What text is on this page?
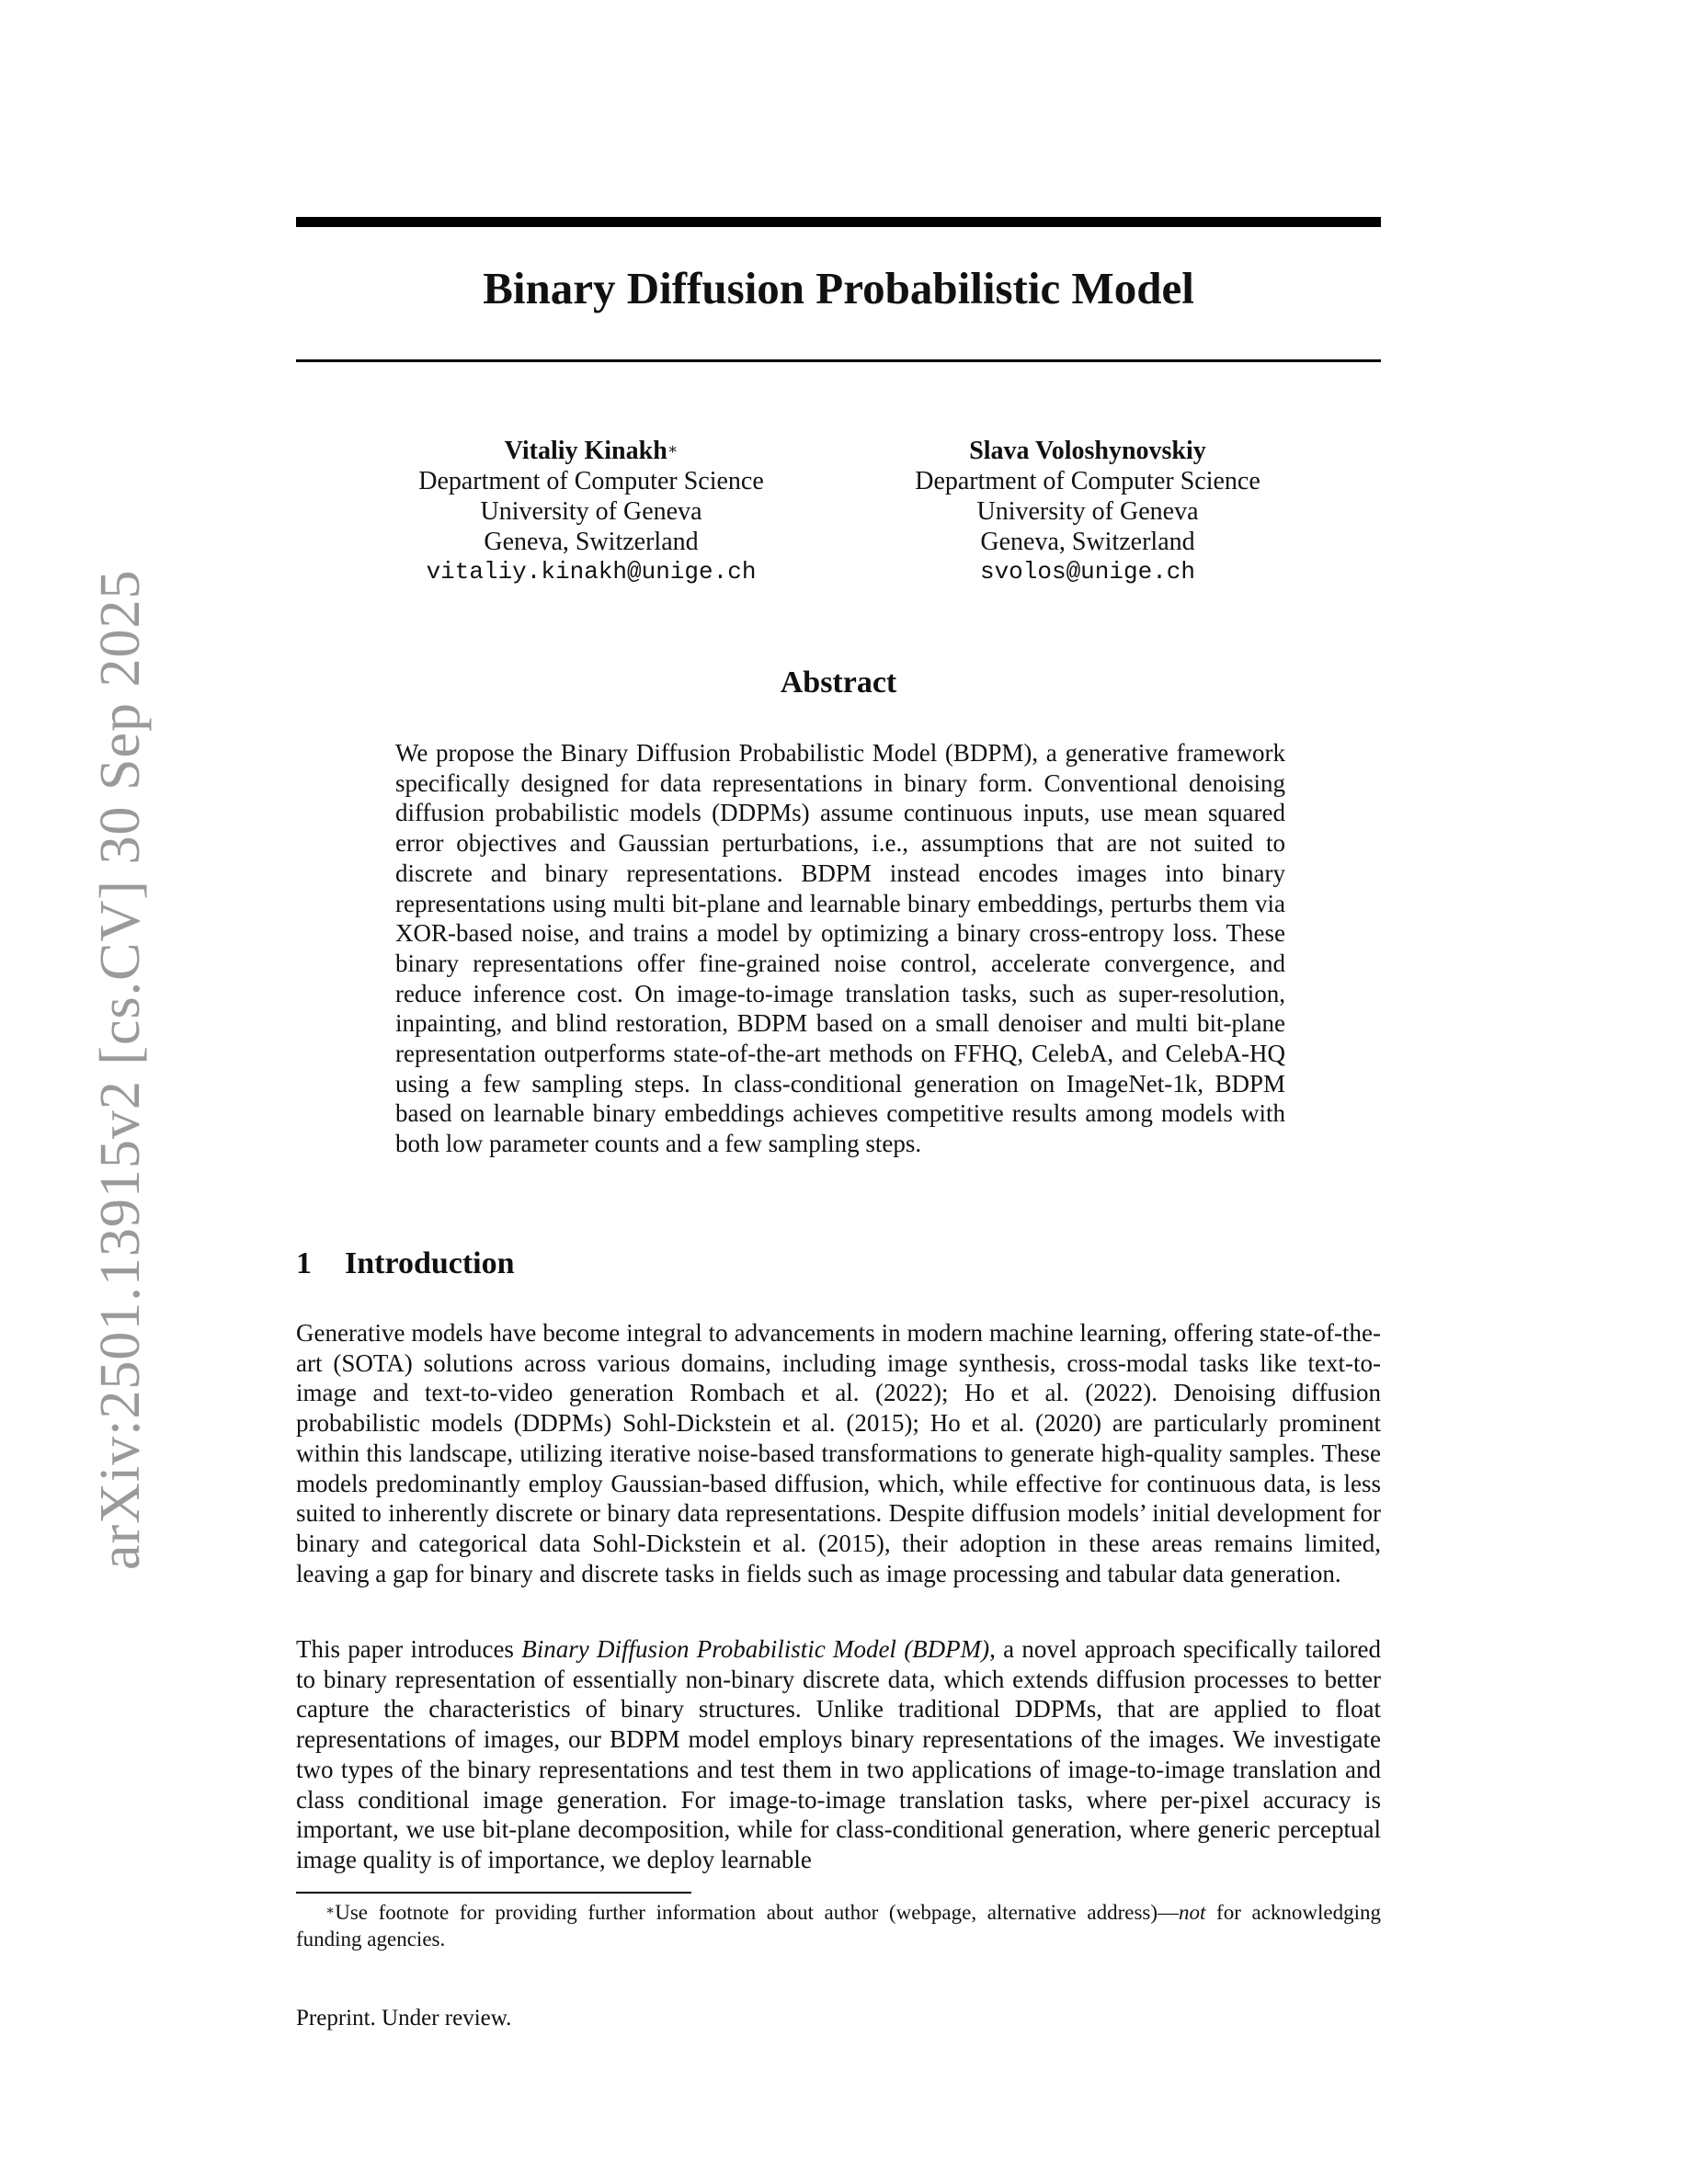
arXiv:2501.13915v2 [cs.CV] 30 Sep 2025
Binary Diffusion Probabilistic Model
Vitaliy Kinakh∗
Department of Computer Science
University of Geneva
Geneva, Switzerland
vitaliy.kinakh@unige.ch
Slava Voloshynovskiy
Department of Computer Science
University of Geneva
Geneva, Switzerland
svolos@unige.ch
Abstract

We propose the Binary Diffusion Probabilistic Model (BDPM), a generative framework specifically designed for data representations in binary form. Conventional denoising diffusion probabilistic models (DDPMs) assume continuous inputs, use mean squared error objectives and Gaussian perturbations, i.e., assumptions that are not suited to discrete and binary representations. BDPM instead encodes images into binary representations using multi bit-plane and learnable binary embeddings, perturbs them via XOR-based noise, and trains a model by optimizing a binary cross-entropy loss. These binary representations offer fine-grained noise control, accelerate convergence, and reduce inference cost. On image-to-image translation tasks, such as super-resolution, inpainting, and blind restoration, BDPM based on a small denoiser and multi bit-plane representation outperforms state-of-the-art methods on FFHQ, CelebA, and CelebA-HQ using a few sampling steps. In class-conditional generation on ImageNet-1k, BDPM based on learnable binary embeddings achieves competitive results among models with both low parameter counts and a few sampling steps.

1 Introduction

Generative models have become integral to advancements in modern machine learning, offering state-of-the-art (SOTA) solutions across various domains, including image synthesis, cross-modal tasks like text-to-image and text-to-video generation Rombach et al. (2022); Ho et al. (2022). Denoising diffusion probabilistic models (DDPMs) Sohl-Dickstein et al. (2015); Ho et al. (2020) are particularly prominent within this landscape, utilizing iterative noise-based transformations to generate high-quality samples. These models predominantly employ Gaussian-based diffusion, which, while effective for continuous data, is less suited to inherently discrete or binary data representations. Despite diffusion models’ initial development for binary and categorical data Sohl-Dickstein et al. (2015), their adoption in these areas remains limited, leaving a gap for binary and discrete tasks in fields such as image processing and tabular data generation.

This paper introduces Binary Diffusion Probabilistic Model (BDPM), a novel approach specifically tailored to binary representation of essentially non-binary discrete data, which extends diffusion processes to better capture the characteristics of binary structures. Unlike traditional DDPMs, that are applied to float representations of images, our BDPM model employs binary representations of the images. We investigate two types of the binary representations and test them in two applications of image-to-image translation and class conditional image generation. For image-to-image translation tasks, where per-pixel accuracy is important, we use bit-plane decomposition, while for class-conditional generation, where generic perceptual image quality is of importance, we deploy learnable

∗Use footnote for providing further information about author (webpage, alternative address)—not for acknowledging funding agencies.

Preprint. Under review.
